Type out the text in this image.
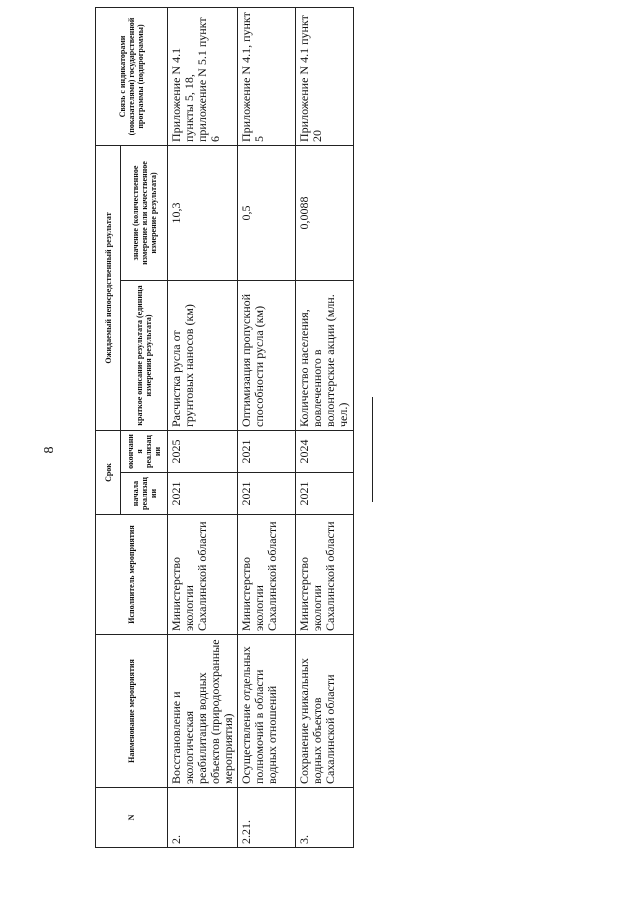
8
N	Наименование мероприятия	Исполнитель мероприятия	Срок		Ожидаемый непосредственный результат		Связь с индикаторами (показателями) государственной программы (подпрограммы)
			начала реализации	окончания реализации	краткое описание результата (единица измерения результата)	значение (количественное измерение или качественное измерение результата)	
2.	Восстановление и экологическая реабилитация водных объектов (природоохранные мероприятия)	Министерство экологии Сахалинской области	2021	2025	Расчистка русла от грунтовых наносов (км)	10,3	Приложение N 4.1 пункты 5, 18, приложение N 5.1 пункт 6
2.21.	Осуществление отдельных полномочий в области водных отношений	Министерство экологии Сахалинской области	2021	2021	Оптимизация пропускной способности русла (км)	0,5	Приложение N 4.1, пункт 5
3.	Сохранение уникальных водных объектов Сахалинской области	Министерство экологии Сахалинской области	2021	2024	Количество населения, вовлеченного в волонтерские акции (млн. чел.)	0,0088	Приложение N 4.1 пункт 20
